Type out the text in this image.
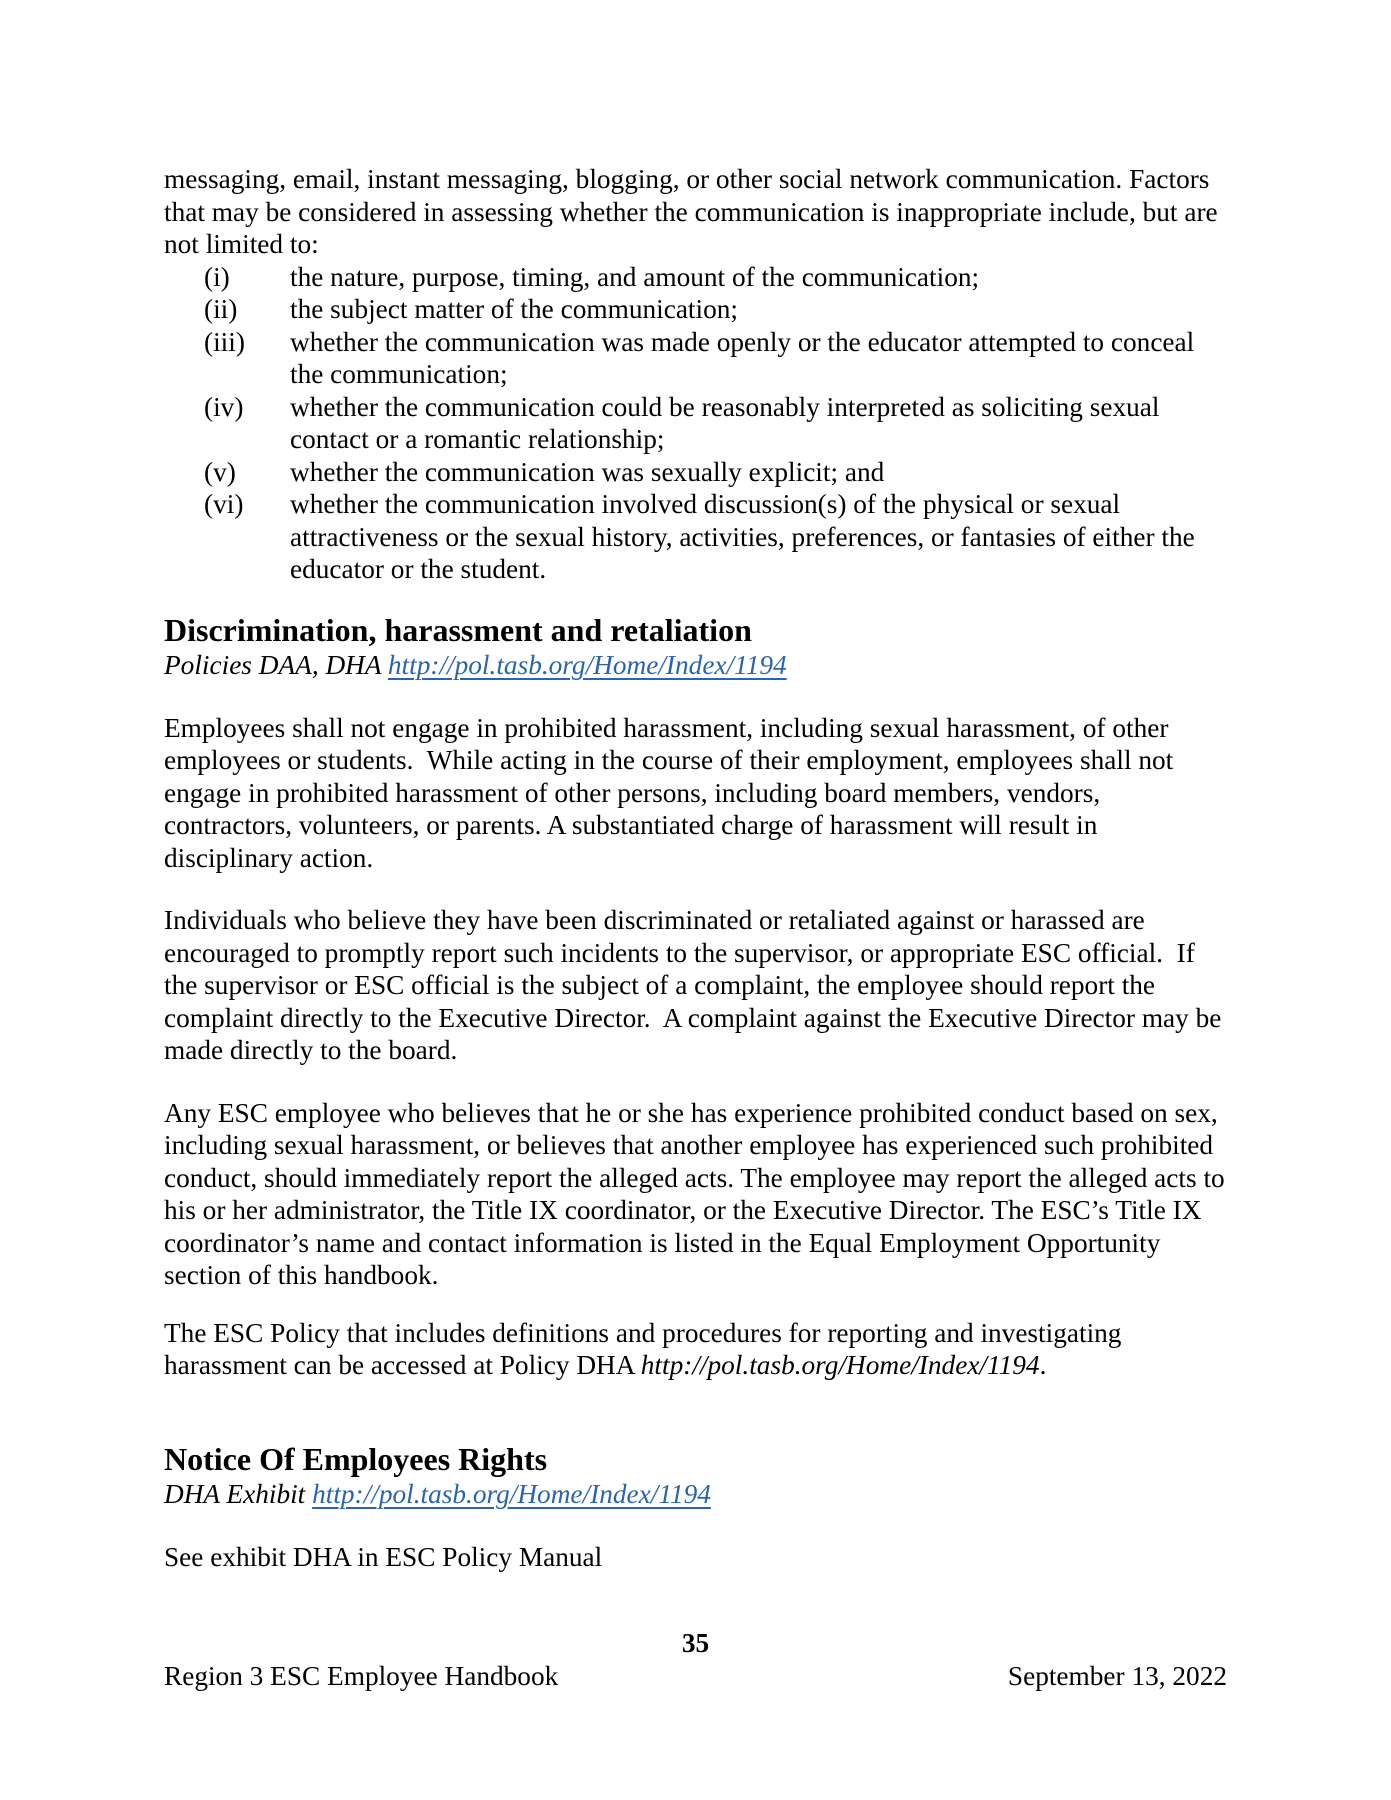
messaging, email, instant messaging, blogging, or other social network communication. Factors
that may be considered in assessing whether the communication is inappropriate include, but are
not limited to:
(i)	the nature, purpose, timing, and amount of the communication;
(ii)	the subject matter of the communication;
(iii)	whether the communication was made openly or the educator attempted to conceal
the communication;
(iv)	whether the communication could be reasonably interpreted as soliciting sexual
contact or a romantic relationship;
(v)	whether the communication was sexually explicit; and
(vi)	whether the communication involved discussion(s) of the physical or sexual
attractiveness or the sexual history, activities, preferences, or fantasies of either the
educator or the student.
Discrimination, harassment and retaliation
Policies DAA, DHA http://pol.tasb.org/Home/Index/1194
Employees shall not engage in prohibited harassment, including sexual harassment, of other
employees or students.  While acting in the course of their employment, employees shall not
engage in prohibited harassment of other persons, including board members, vendors,
contractors, volunteers, or parents. A substantiated charge of harassment will result in
disciplinary action.
Individuals who believe they have been discriminated or retaliated against or harassed are
encouraged to promptly report such incidents to the supervisor, or appropriate ESC official.  If
the supervisor or ESC official is the subject of a complaint, the employee should report the
complaint directly to the Executive Director.  A complaint against the Executive Director may be
made directly to the board.
Any ESC employee who believes that he or she has experience prohibited conduct based on sex,
including sexual harassment, or believes that another employee has experienced such prohibited
conduct, should immediately report the alleged acts. The employee may report the alleged acts to
his or her administrator, the Title IX coordinator, or the Executive Director. The ESC’s Title IX
coordinator’s name and contact information is listed in the Equal Employment Opportunity
section of this handbook.
The ESC Policy that includes definitions and procedures for reporting and investigating
harassment can be accessed at Policy DHA http://pol.tasb.org/Home/Index/1194.
Notice Of Employees Rights
DHA Exhibit http://pol.tasb.org/Home/Index/1194
See exhibit DHA in ESC Policy Manual
35
Region 3 ESC Employee Handbook	September 13, 2022
